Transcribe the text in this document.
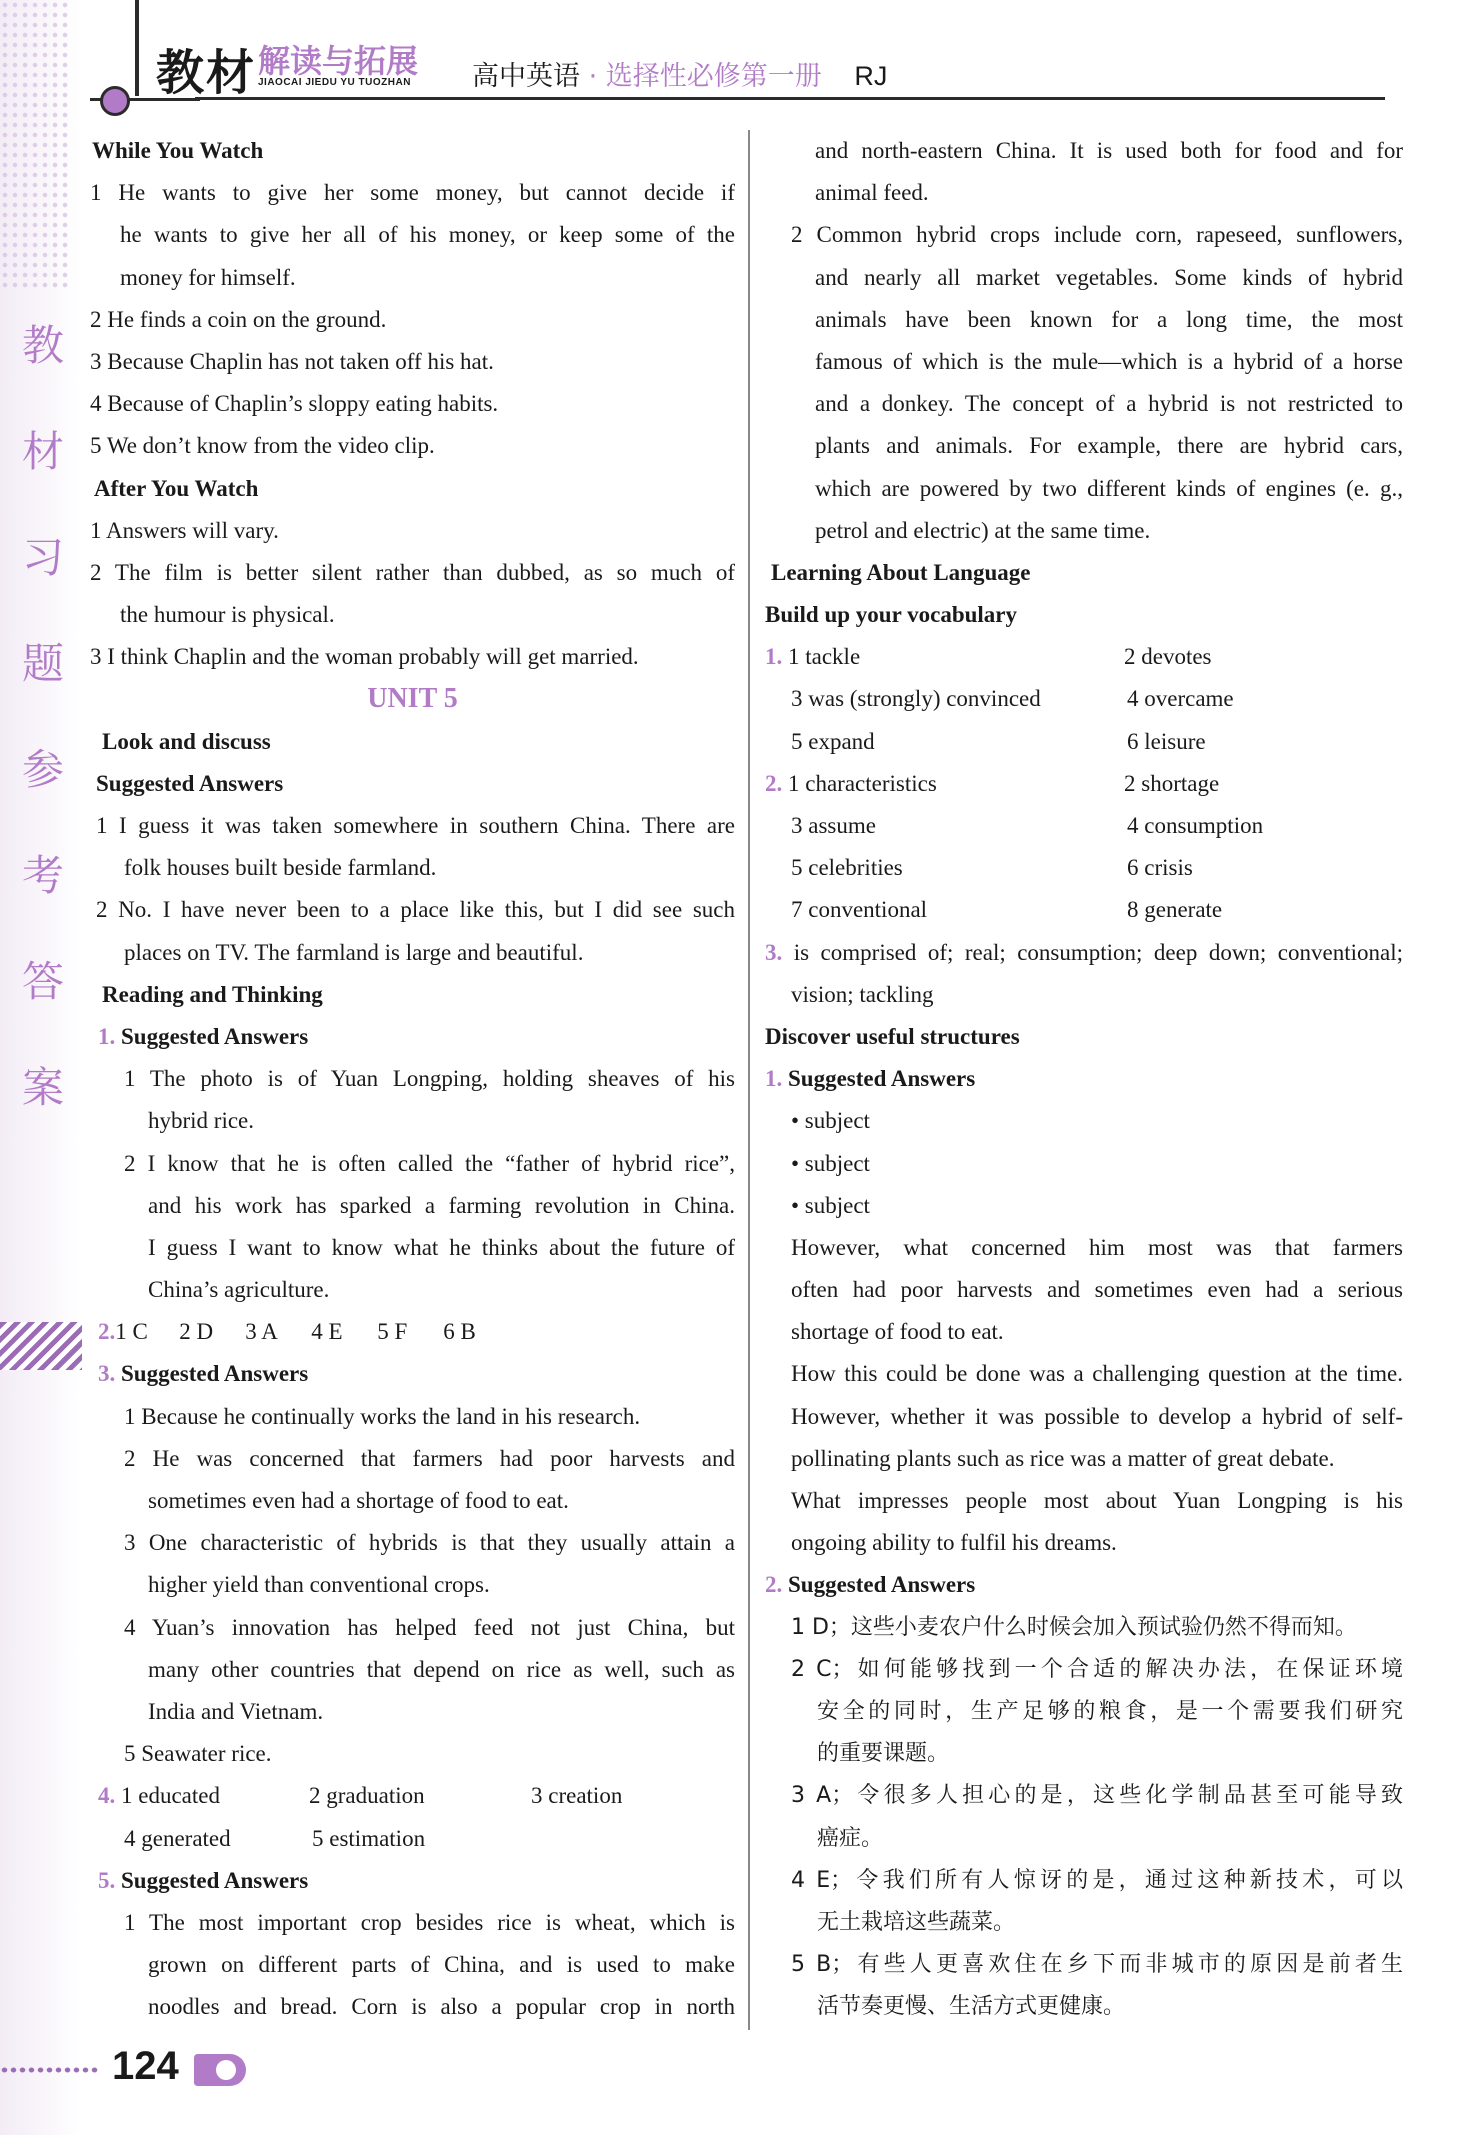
教
材
习
题
参
考
答
案
教材 解读与拓展
JIAOCAI JIEDU YU TUOZHAN 高中英语 · 选择性必修第一册 RJ
While You Watch
1 He wants to give her some money, but cannot decide if
he wants to give her all of his money, or keep some of the
money for himself.
2 He finds a coin on the ground.
3 Because Chaplin has not taken off his hat.
4 Because of Chaplin’s sloppy eating habits.
5 We don’t know from the video clip.
After You Watch
1 Answers will vary.
2 The film is better silent rather than dubbed, as so much of
the humour is physical.
3 I think Chaplin and the woman probably will get married.
UNIT 5
Look and discuss
Suggested Answers
1 I guess it was taken somewhere in southern China. There are
folk houses built beside farmland.
2 No. I have never been to a place like this, but I did see such
places on TV. The farmland is large and beautiful.
Reading and Thinking
1. Suggested Answers
1 The photo is of Yuan Longping, holding sheaves of his
hybrid rice.
2 I know that he is often called the “father of hybrid rice”,
and his work has sparked a farming revolution in China.
I guess I want to know what he thinks about the future of
China’s agriculture.
2.1 C 2 D 3 A 4 E 5 F 6 B
3. Suggested Answers
1 Because he continually works the land in his research.
2 He was concerned that farmers had poor harvests and
sometimes even had a shortage of food to eat.
3 One characteristic of hybrids is that they usually attain a
higher yield than conventional crops.
4 Yuan’s innovation has helped feed not just China, but
many other countries that depend on rice as well, such as
India and Vietnam.
5 Seawater rice.
4. 1 educated	2 graduation	3 creation
4 generated	5 estimation
5. Suggested Answers
1 The most important crop besides rice is wheat, which is
grown on different parts of China, and is used to make
noodles and bread. Corn is also a popular crop in north
and north-eastern China. It is used both for food and for
animal feed.
2 Common hybrid crops include corn, rapeseed, sunflowers,
and nearly all market vegetables. Some kinds of hybrid
animals have been known for a long time, the most
famous of which is the mule—which is a hybrid of a horse
and a donkey. The concept of a hybrid is not restricted to
plants and animals. For example, there are hybrid cars,
which are powered by two different kinds of engines (e. g.,
petrol and electric) at the same time.
Learning About Language
Build up your vocabulary
1. 1 tackle	2 devotes
3 was (strongly) convinced	4 overcame
5 expand	6 leisure
2. 1 characteristics	2 shortage
3 assume	4 consumption
5 celebrities	6 crisis
7 conventional	8 generate
3. is comprised of; real; consumption; deep down; conventional;
vision; tackling
Discover useful structures
1. Suggested Answers
• subject
• subject
• subject
However, what concerned him most was that farmers
often had poor harvests and sometimes even had a serious
shortage of food to eat.
How this could be done was a challenging question at the time.
However, whether it was possible to develop a hybrid of self-
pollinating plants such as rice was a matter of great debate.
What impresses people most about Yuan Longping is his
ongoing ability to fulfil his dreams.
2. Suggested Answers
1 D；这些小麦农户什么时候会加入预试验仍然不得而知。
2 C；如何能够找到一个合适的解决办法，在保证环境
安全的同时，生产足够的粮食，是一个需要我们研究
的重要课题。
3 A；令很多人担心的是，这些化学制品甚至可能导致
癌症。
4 E；令我们所有人惊讶的是，通过这种新技术，可以
无土栽培这些蔬菜。
5 B；有些人更喜欢住在乡下而非城市的原因是前者生
活节奏更慢、生活方式更健康。
124
